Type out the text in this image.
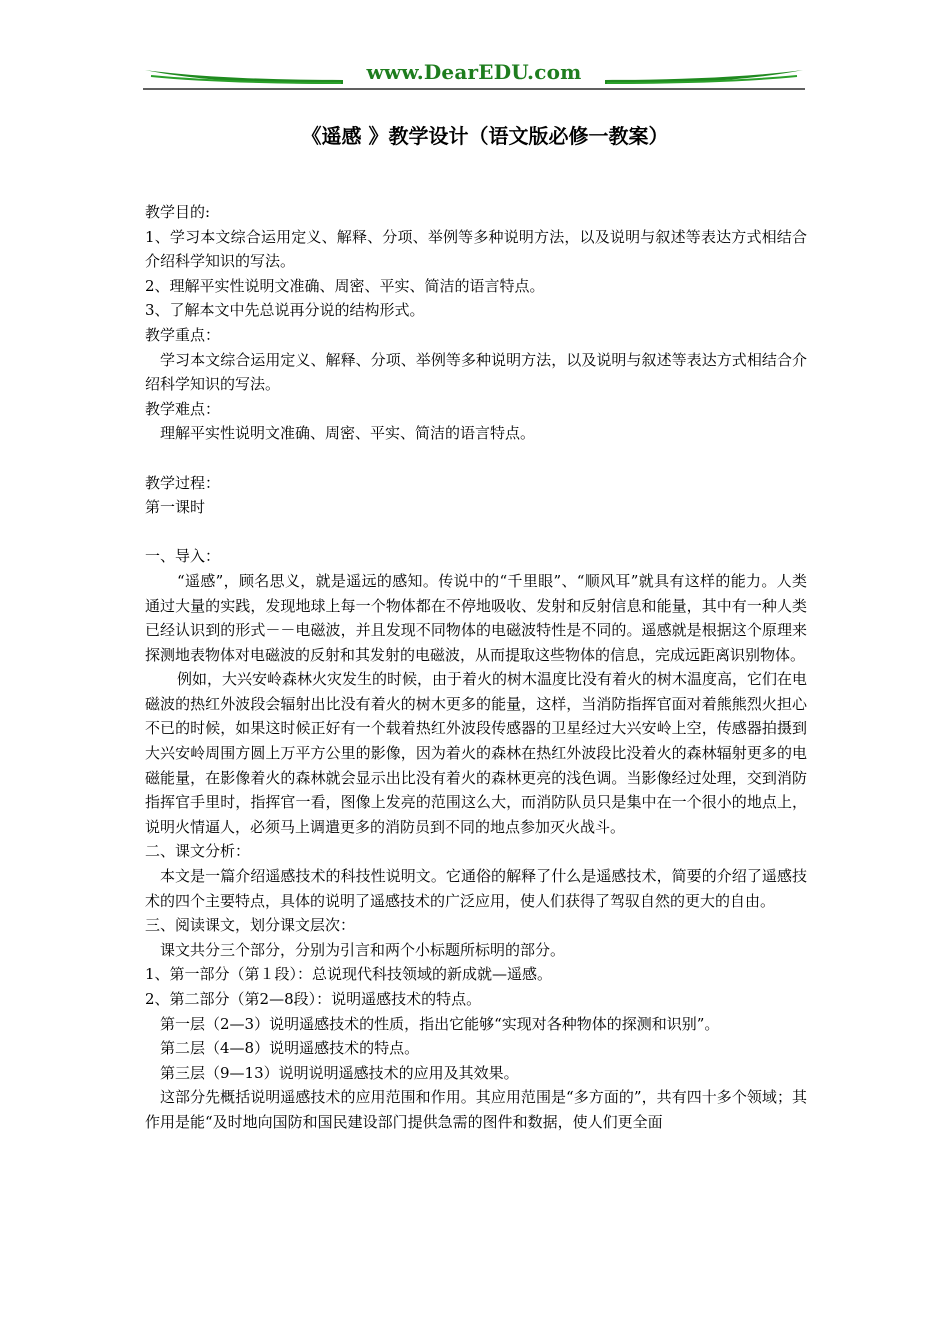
www.DearEDU.com
《遥感 》教学设计（语文版必修一教案）

教学目的:

1、学习本文综合运用定义、解释、分项、举例等多种说明方法，以及说明与叙述等表达方式相结合介绍科学知识的写法。

2、理解平实性说明文准确、周密、平实、简洁的语言特点。

3、了解本文中先总说再分说的结构形式。

教学重点：

学习本文综合运用定义、解释、分项、举例等多种说明方法，以及说明与叙述等表达方式相结合介绍科学知识的写法。

教学难点：

理解平实性说明文准确、周密、平实、简洁的语言特点。

教学过程：

第一课时

一、导入：

“遥感”，顾名思义，就是遥远的感知。传说中的“千里眼”、“顺风耳”就具有这样的能力。人类通过大量的实践，发现地球上每一个物体都在不停地吸收、发射和反射信息和能量，其中有一种人类已经认识到的形式－－电磁波，并且发现不同物体的电磁波特性是不同的。遥感就是根据这个原理来探测地表物体对电磁波的反射和其发射的电磁波，从而提取这些物体的信息，完成远距离识别物体。

例如，大兴安岭森林火灾发生的时候，由于着火的树木温度比没有着火的树木温度高，它们在电磁波的热红外波段会辐射出比没有着火的树木更多的能量，这样，当消防指挥官面对着熊熊烈火担心不已的时候，如果这时候正好有一个载着热红外波段传感器的卫星经过大兴安岭上空，传感器拍摄到大兴安岭周围方圆上万平方公里的影像，因为着火的森林在热红外波段比没着火的森林辐射更多的电磁能量，在影像着火的森林就会显示出比没有着火的森林更亮的浅色调。当影像经过处理，交到消防指挥官手里时，指挥官一看，图像上发亮的范围这么大，而消防队员只是集中在一个很小的地点上，说明火情逼人，必须马上调遣更多的消防员到不同的地点参加灭火战斗。

二、课文分析：

本文是一篇介绍遥感技术的科技性说明文。它通俗的解释了什么是遥感技术，简要的介绍了遥感技术的四个主要特点，具体的说明了遥感技术的广泛应用，使人们获得了驾驭自然的更大的自由。

三、阅读课文，划分课文层次：

课文共分三个部分，分别为引言和两个小标题所标明的部分。

1、第一部分（第１段）：总说现代科技领域的新成就—遥感。

2、第二部分（第2—8段）：说明遥感技术的特点。

第一层（2—3）说明遥感技术的性质，指出它能够“实现对各种物体的探测和识别”。

第二层（4—8）说明遥感技术的特点。

第三层（9—13）说明说明遥感技术的应用及其效果。

这部分先概括说明遥感技术的应用范围和作用。其应用范围是“多方面的”，共有四十多个领域；其作用是能“及时地向国防和国民建设部门提供急需的图件和数据，使人们更全面
